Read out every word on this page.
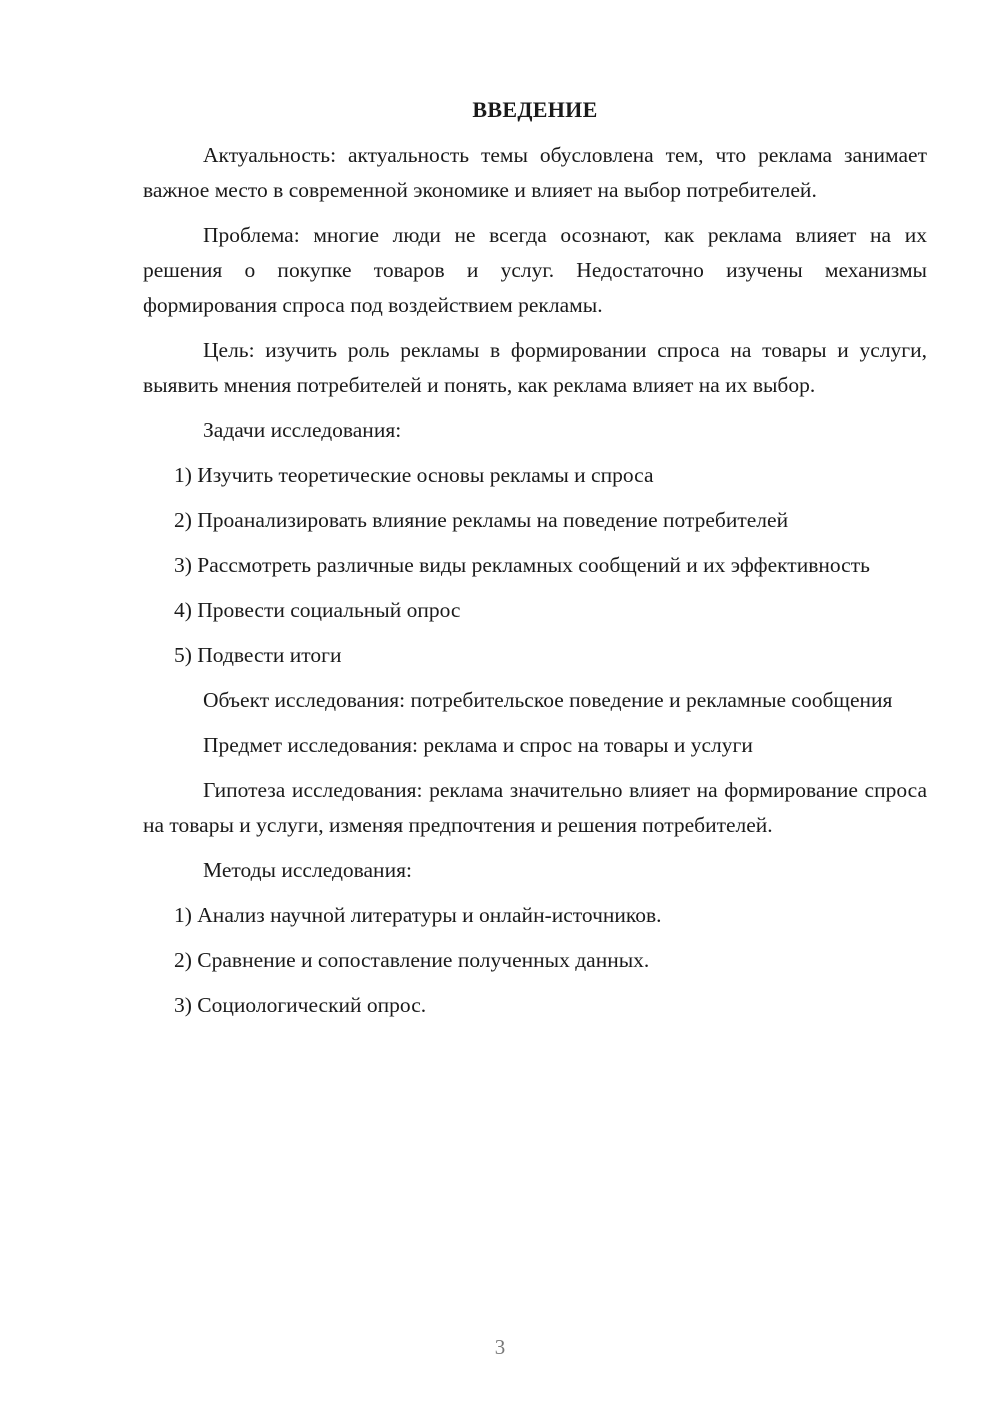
ВВЕДЕНИЕ
Актуальность: актуальность темы обусловлена тем, что реклама занимает важное место в современной экономике и влияет на выбор потребителей.
Проблема: многие люди не всегда осознают, как реклама влияет на их решения о покупке товаров и услуг. Недостаточно изучены механизмы формирования спроса под воздействием рекламы.
Цель: изучить роль рекламы в формировании спроса на товары и услуги, выявить мнения потребителей и понять, как реклама влияет на их выбор.
Задачи исследования:
1) Изучить теоретические основы рекламы и спроса
2) Проанализировать влияние рекламы на поведение потребителей
3) Рассмотреть различные виды рекламных сообщений и их эффективность
4) Провести социальный опрос
5) Подвести итоги
Объект исследования: потребительское поведение и рекламные сообщения
Предмет исследования: реклама и спрос на товары и услуги
Гипотеза исследования: реклама значительно влияет на формирование спроса на товары и услуги, изменяя предпочтения и решения потребителей.
Методы исследования:
1) Анализ научной литературы и онлайн-источников.
2) Сравнение и сопоставление полученных данных.
3) Социологический опрос.
3
